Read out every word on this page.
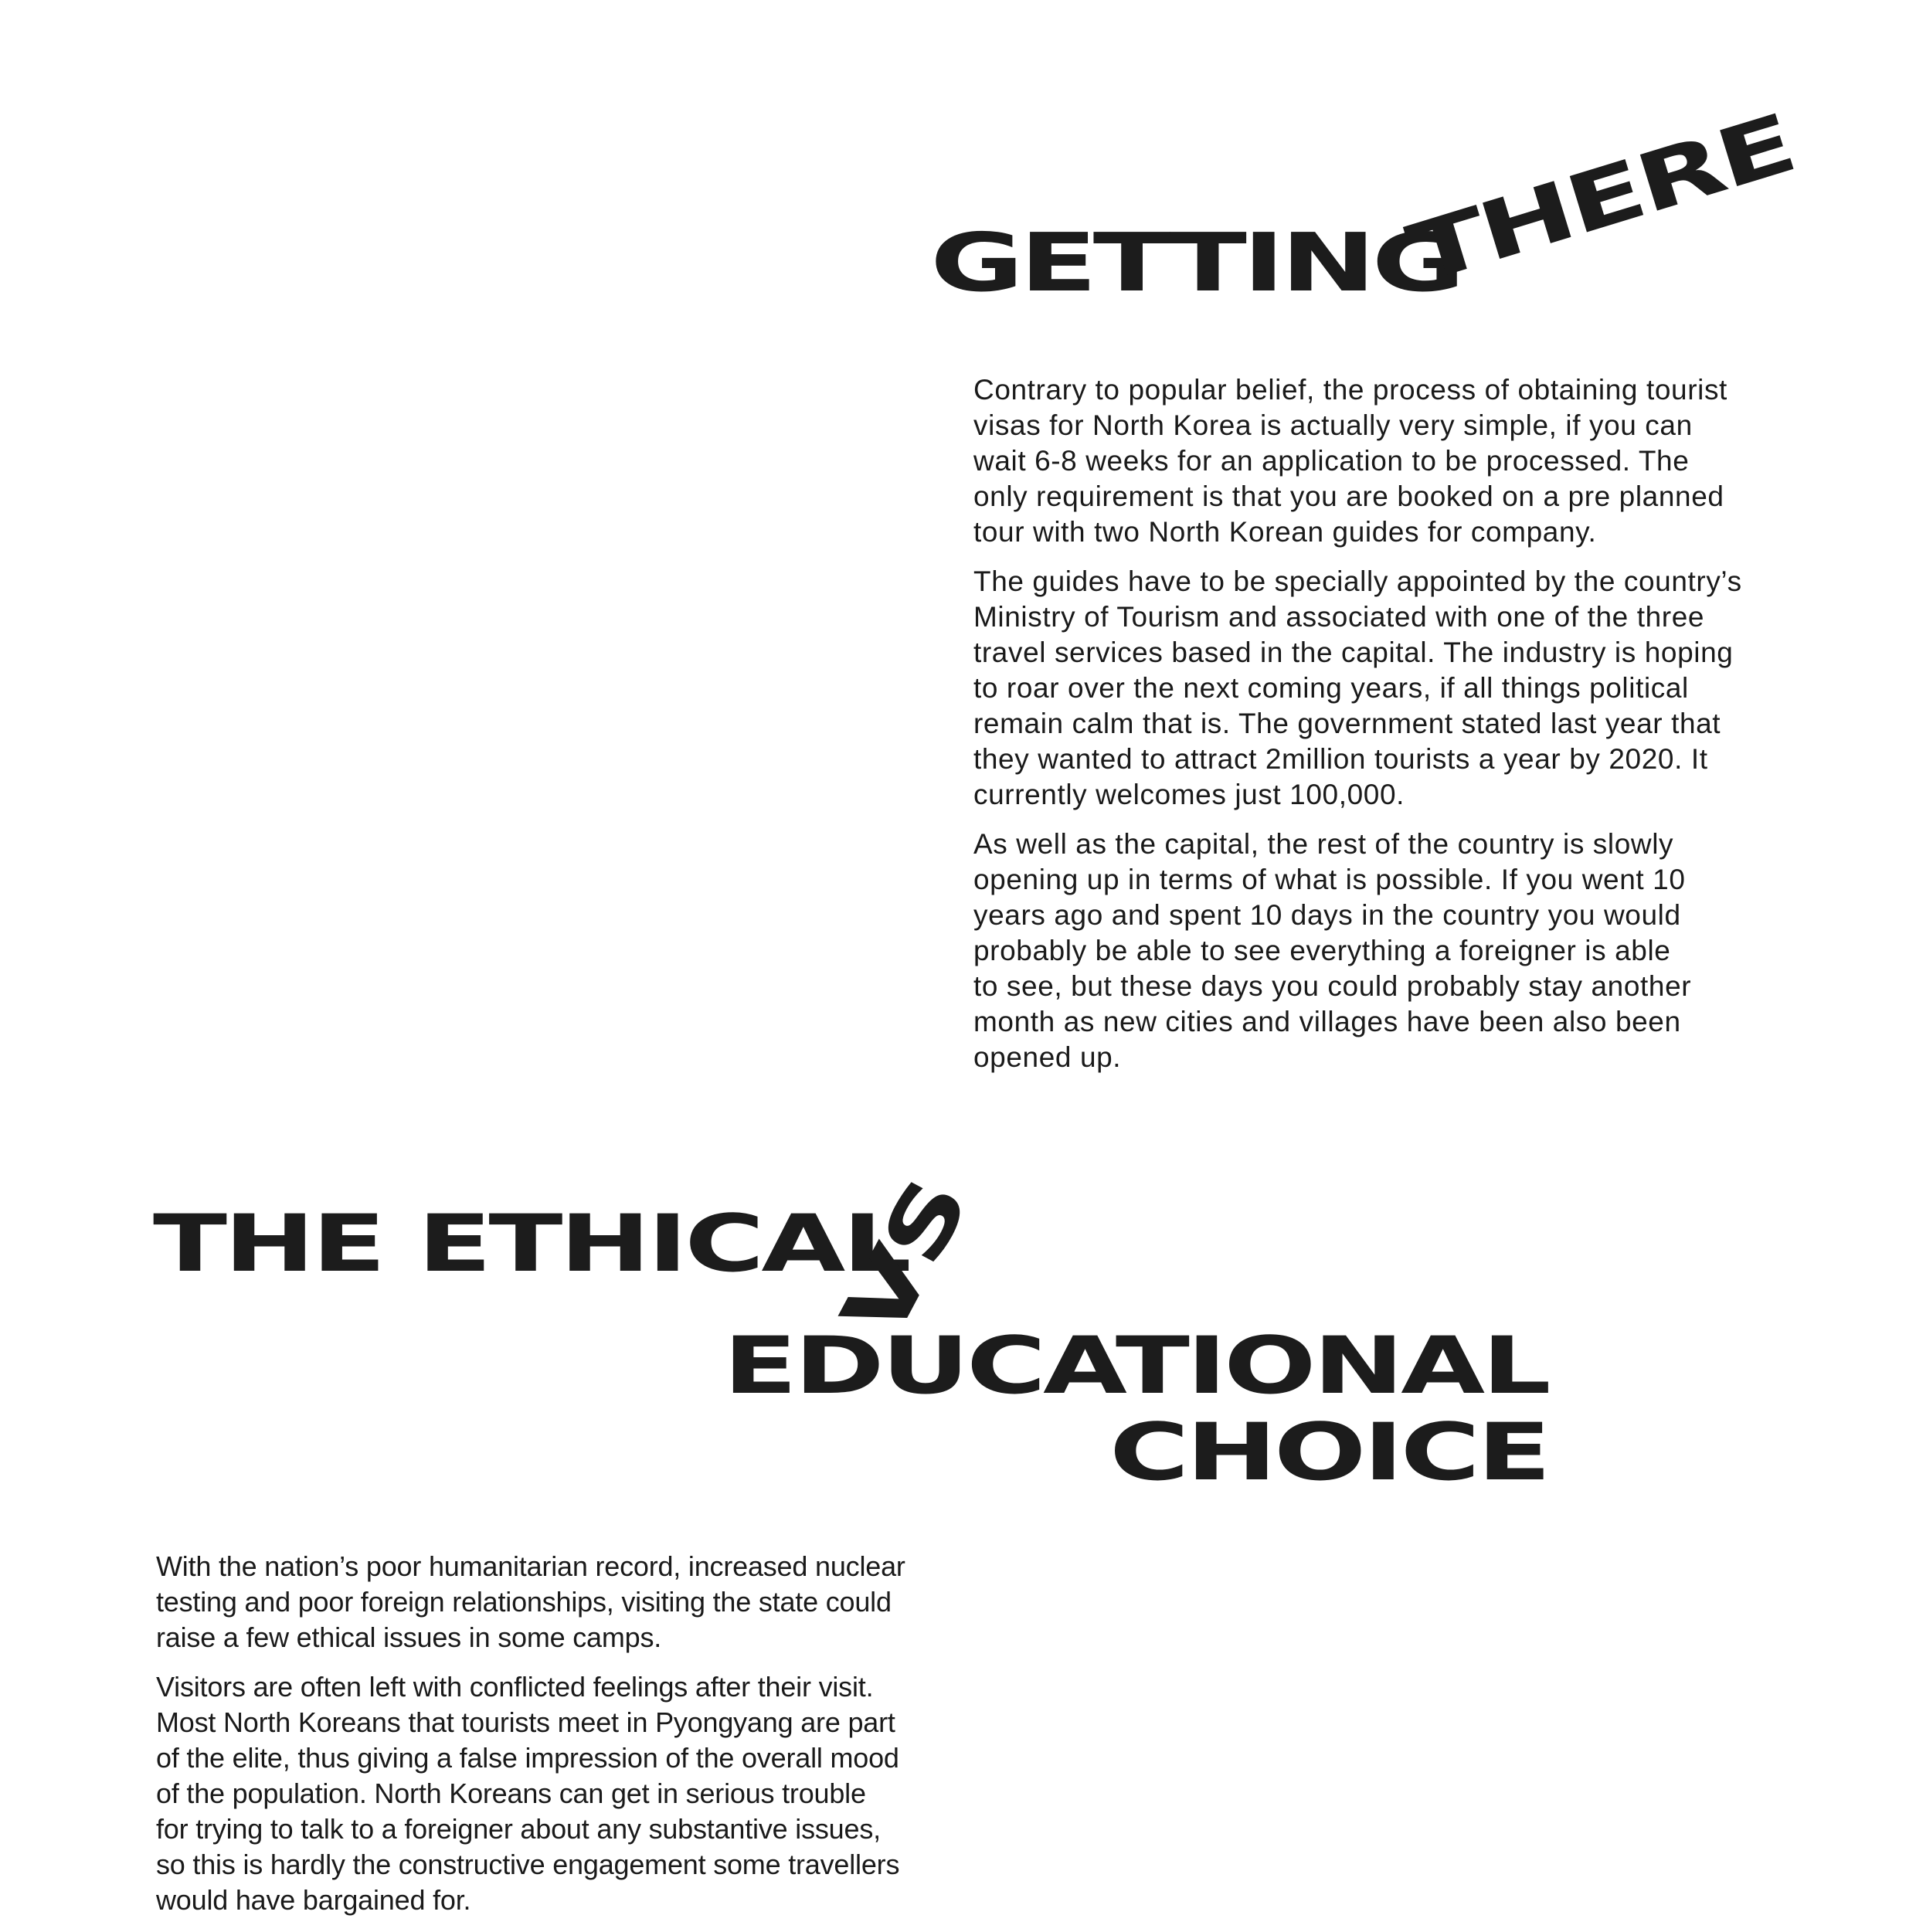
GETTING
THERE

Contrary to popular belief, the process of obtaining tourist
visas for North Korea is actually very simple, if you can
wait 6-8 weeks for an application to be processed. The
only requirement is that you are booked on a pre planned
tour with two North Korean guides for company.

The guides have to be specially appointed by the country’s
Ministry of Tourism and associated with one of the three
travel services based in the capital. The industry is hoping
to roar over the next coming years, if all things political
remain calm that is. The government stated last year that
they wanted to attract 2million tourists a year by 2020. It
currently welcomes just 100,000.

As well as the capital, the rest of the country is slowly
opening up in terms of what is possible. If you went 10
years ago and spent 10 days in the country you would
probably be able to see everything a foreigner is able
to see, but these days you could probably stay another
month as new cities and villages have been also been
opened up.

THE ETHICAL
VS
EDUCATIONAL
CHOICE

With the nation’s poor humanitarian record, increased nuclear
testing and poor foreign relationships, visiting the state could
raise a few ethical issues in some camps.

Visitors are often left with conflicted feelings after their visit.
Most North Koreans that tourists meet in Pyongyang are part
of the elite, thus giving a false impression of the overall mood
of the population. North Koreans can get in serious trouble
for trying to talk to a foreigner about any substantive issues,
so this is hardly the constructive engagement some travellers
would have bargained for.
